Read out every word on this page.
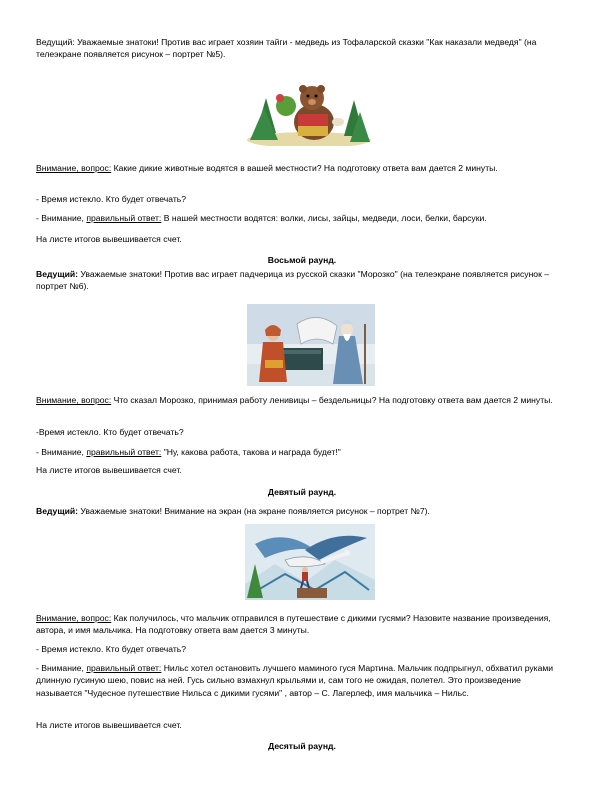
Ведущий: Уважаемые знатоки! Против вас играет хозяин тайги - медведь из Тофаларской сказки "Как наказали медведя" (на телеэкране появляется рисунок – портрет №5).

Внимание, вопрос: Какие дикие животные водятся в вашей местности? На подготовку ответа вам дается 2 минуты.

- Время истекло. Кто будет отвечать?

- Внимание, правильный ответ: В нашей местности водятся: волки, лисы, зайцы, медведи, лоси, белки, барсуки.

На листе итогов вывешивается счет.

Восьмой раунд.

Ведущий: Уважаемые знатоки! Против вас играет падчерица из русской сказки "Морозко" (на телеэкране появляется рисунок – портрет №6).

Внимание, вопрос: Что сказал Морозко, принимая работу ленивицы – бездельницы? На подготовку ответа вам дается 2 минуты.

-Время истекло. Кто будет отвечать?

- Внимание, правильный ответ: "Ну, какова работа, такова и награда будет!"

На листе итогов вывешивается счет.

Девятый раунд.

Ведущий: Уважаемые знатоки! Внимание на экран (на экране появляется рисунок – портрет №7).

Внимание, вопрос: Как получилось, что мальчик отправился в путешествие с дикими гусями? Назовите название произведения, автора, и имя мальчика. На подготовку ответа вам дается 3 минуты.

- Время истекло. Кто будет отвечать?

- Внимание, правильный ответ: Нильс хотел остановить лучшего маминого гуся Мартина. Мальчик подпрыгнул, обхватил руками длинную гусиную шею, повис на ней. Гусь сильно взмахнул крыльями и, сам того не ожидая, полетел. Это произведение называется "Чудесное путешествие Нильса с дикими гусями" , автор – С. Лагерлеф, имя мальчика – Нильс.

На листе итогов вывешивается счет.

Десятый раунд.
